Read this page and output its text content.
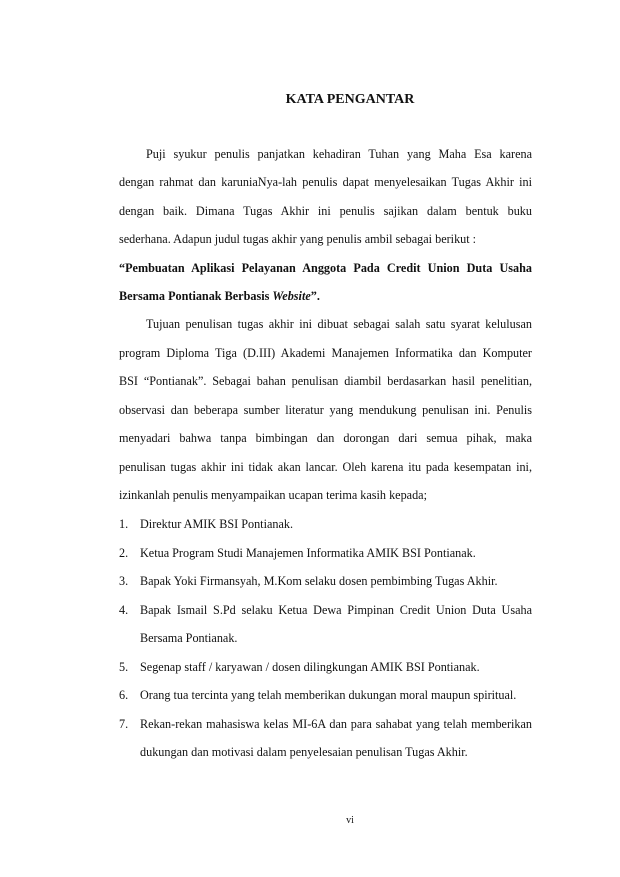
KATA PENGANTAR
Puji syukur penulis panjatkan kehadiran Tuhan yang Maha Esa karena
dengan rahmat dan karuniaNya-lah penulis dapat menyelesaikan Tugas Akhir ini
dengan baik. Dimana Tugas Akhir ini penulis sajikan dalam bentuk buku
sederhana. Adapun judul tugas akhir yang penulis ambil sebagai berikut :
“Pembuatan Aplikasi Pelayanan Anggota Pada Credit Union Duta Usaha
Bersama Pontianak Berbasis Website”.
Tujuan penulisan tugas akhir ini dibuat sebagai salah satu syarat kelulusan
program Diploma Tiga (D.III) Akademi Manajemen Informatika dan Komputer
BSI “Pontianak”. Sebagai bahan penulisan diambil berdasarkan hasil penelitian,
observasi dan beberapa sumber literatur yang mendukung penulisan ini. Penulis
menyadari bahwa tanpa bimbingan dan dorongan dari semua pihak, maka
penulisan tugas akhir ini tidak akan lancar. Oleh karena itu pada kesempatan ini,
izinkanlah penulis menyampaikan ucapan terima kasih kepada;
1. Direktur AMIK BSI Pontianak.
2. Ketua Program Studi Manajemen Informatika AMIK BSI Pontianak.
3. Bapak Yoki Firmansyah, M.Kom selaku dosen pembimbing Tugas Akhir.
4. Bapak Ismail S.Pd selaku Ketua Dewa Pimpinan Credit Union Duta Usaha
Bersama Pontianak.
5. Segenap staff / karyawan / dosen dilingkungan AMIK BSI Pontianak.
6. Orang tua tercinta yang telah memberikan dukungan moral maupun spiritual.
7. Rekan-rekan mahasiswa kelas MI-6A dan para sahabat yang telah memberikan
dukungan dan motivasi dalam penyelesaian penulisan Tugas Akhir.
vi
